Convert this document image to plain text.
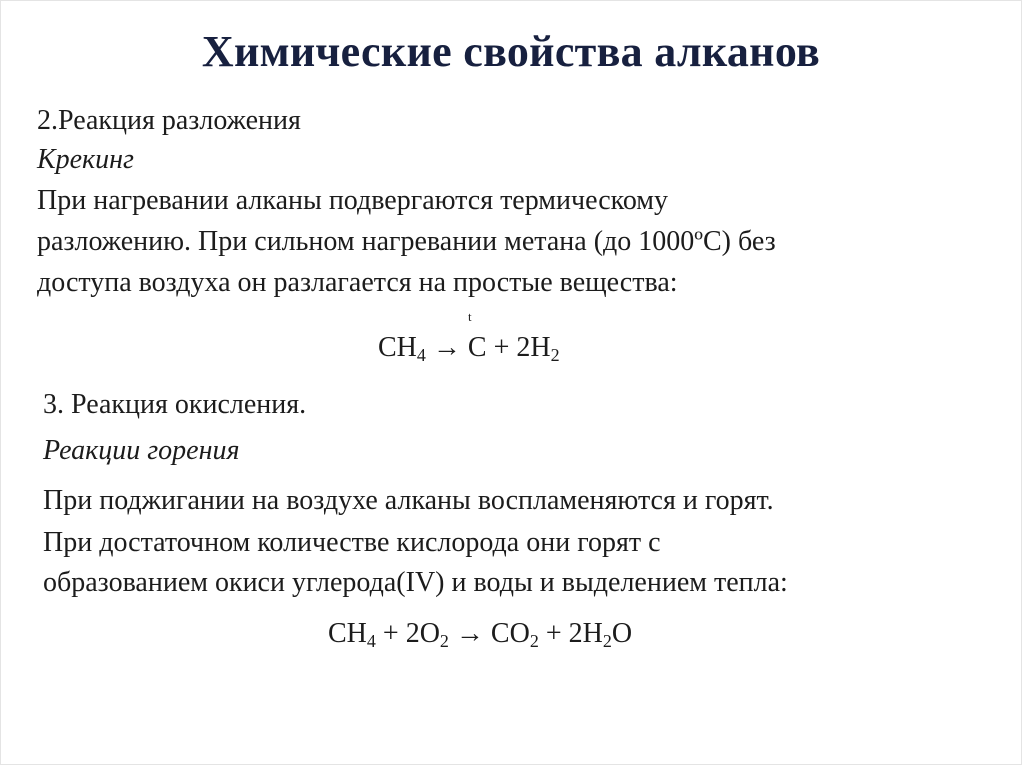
Химические свойства алканов
2.Реакция разложения
Крекинг
При нагревании алканы подвергаются термическому
разложению. При сильном нагревании метана (до 1000ºС) без
доступа воздуха он разлагается на простые вещества:
t
$CH_4 \to C + 2H_2$
3. Реакция окисления.
Реакции горения
При поджигании на воздухе алканы воспламеняются и горят.
При достаточном количестве кислорода они горят с
образованием окиси углерода(IV) и воды и выделением тепла:
$CH_4 + 2O_2 \to CO_2 + 2H_2O$
